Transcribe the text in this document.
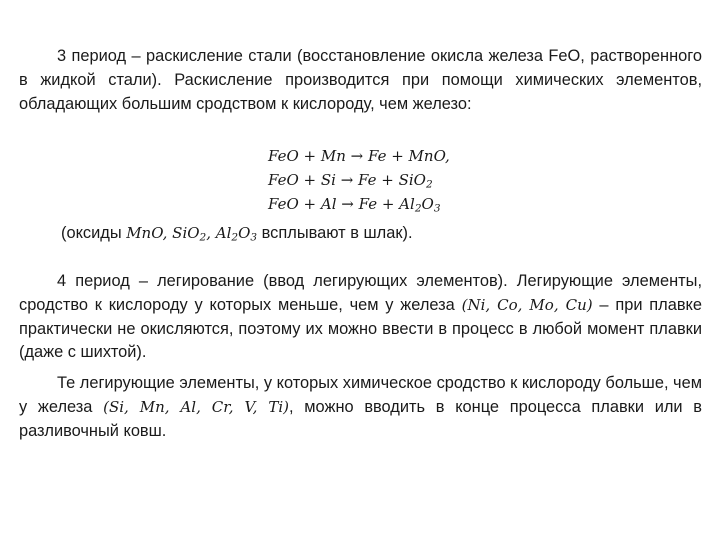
3 период – раскисление стали (восстановление окисла железа FeO, растворенного в жидкой стали). Раскисление производится при помощи химических элементов, обладающих большим сродством к кислороду, чем железо:

FeO + Mn → Fe + MnO,
FeO + Si → Fe + SiO$_2$
FeO + $Al \to Fe + Al_2O_3$
(оксиды MnO, SiO$_2$, $Al_2O_3$ всплывают в шлак).

4 период – легирование (ввод легирующих элементов). Легирующие элементы, сродство к кислороду у которых меньше, чем у железа (Ni, Co, Mo, Cu) – при плавке практически не окисляются, поэтому их можно ввести в процесс в любой момент плавки (даже с шихтой).

Те легирующие элементы, у которых химическое сродство к кислороду больше, чем у железа (Si, Mn, Al, Cr, V, Ti), можно вводить в конце процесса плавки или в разливочный ковш.
